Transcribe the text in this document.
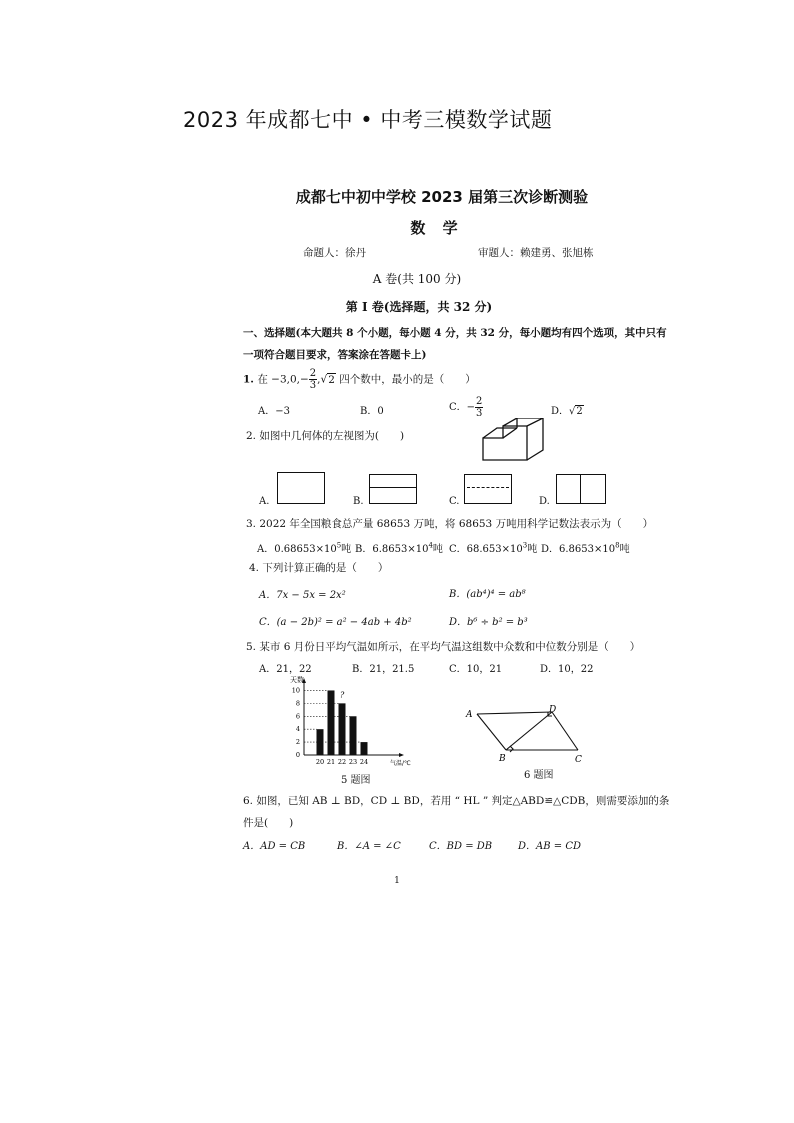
2023 年成都七中 • 中考三模数学试题
成都七中初中学校 2023 届第三次诊断测验
数 学
命题人：徐丹	审题人：赖建勇、张旭栋
A 卷(共 100 分)
第 Ⅰ 卷(选择题，共 32 分)
一、选择题(本大题共 8 个小题，每小题 4 分，共 32 分，每小题均有四个选项，其中只有
一项符合题目要求，答案涂在答题卡上)
1. 在 $-3,0,- \frac{2}{3} ,√2$ 四个数中，最小的是（　　）
A．−3	B．0	C．− $\frac{2}{3}$	D．√2
2. 如图中几何体的左视图为(　　)
A.	B.	C.	D.
3. 2022 年全国粮食总产量 68653 万吨，将 68653 万吨用科学记数法表示为（　　）
A．$0.68653\times 10^5$吨 B．$6.8653\times 10^4$吨 C．$68.653\times 10^3$吨 D．$6.8653\times 10^8$吨
4. 下列计算正确的是（　　）
A．7x − 5x = 2x²	B．(ab⁴)⁴ = ab⁸
C．(a − 2b)² = a² − 4ab + 4b²	D．b⁶ ÷ b² = b³
5. 某市 6 月份日平均气温如所示，在平均气温这组数中众数和中位数分别是（　　）
A．21，22	B．21，21.5	C．10，21	D．10，22
天数
气温/℃
?
0
2
4
6
8
10
20 21 22 23 24
5 题图
A	D
B	C
6 题图
6. 如图，已知 AB ⊥ BD，CD ⊥ BD，若用 “ HL ” 判定△ABD≌△CDB，则需要添加的条
件是(　　)
A．AD = CB	B．∠A = ∠C	C．BD = DB	D．AB = CD
1
